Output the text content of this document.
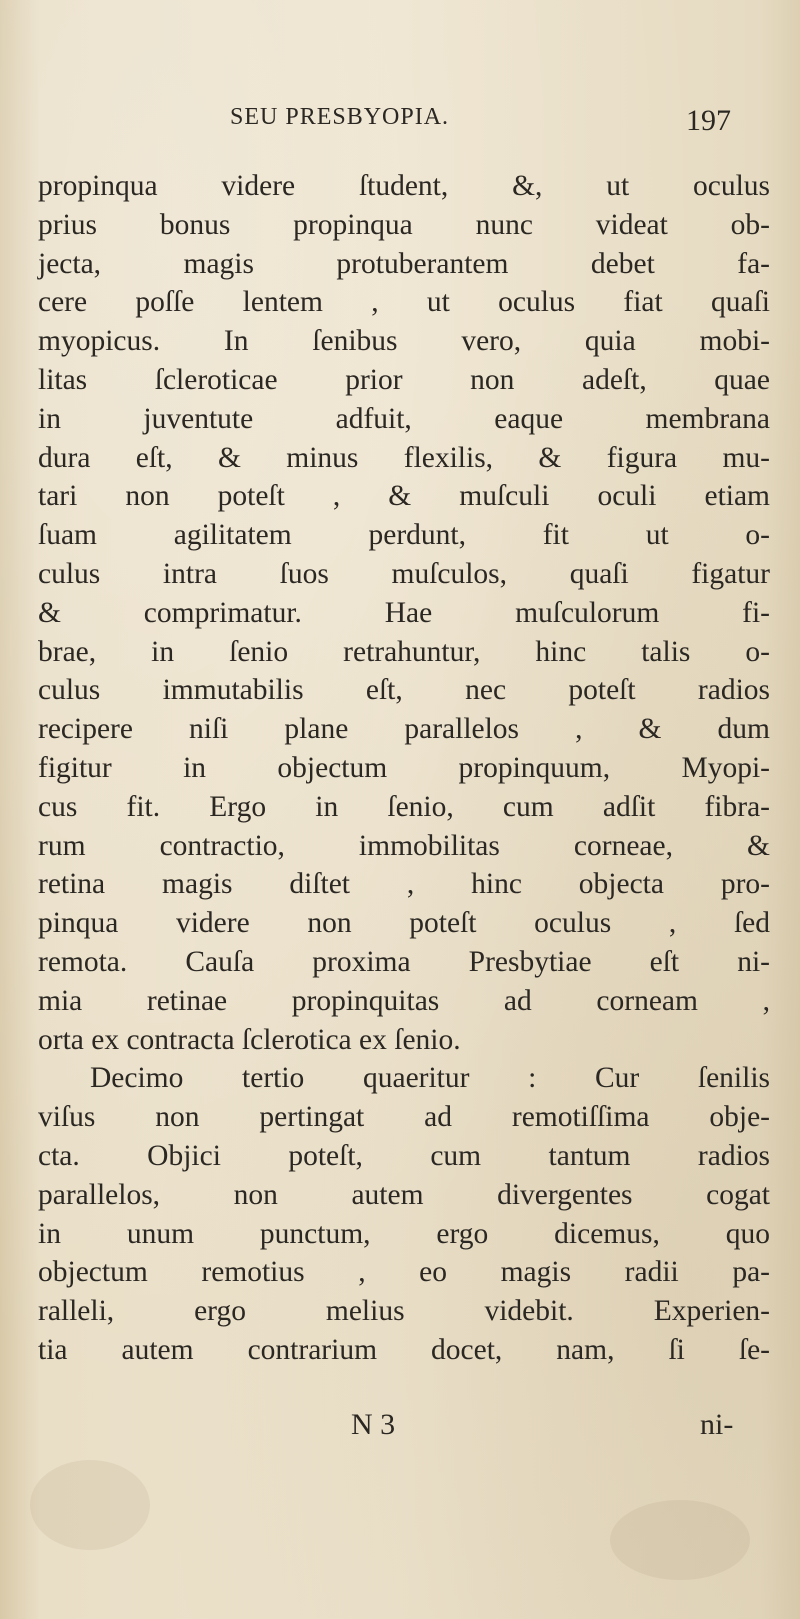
SEU PRESBYOPIA.	197
propinqua videre ſtudent, &, ut oculus
prius bonus propinqua nunc videat ob-
jecta, magis protuberantem debet fa-
cere poſſe lentem , ut oculus fiat quaſi
myopicus. In ſenibus vero, quia mobi-
litas ſcleroticae prior non adeſt, quae
in juventute adfuit, eaque membrana
dura eſt, & minus flexilis, & figura mu-
tari non poteſt , & muſculi oculi etiam
ſuam agilitatem perdunt, fit ut o-
culus intra ſuos muſculos, quaſi figatur
& comprimatur. Hae muſculorum fi-
brae, in ſenio retrahuntur, hinc talis o-
culus immutabilis eſt, nec poteſt radios
recipere niſi plane parallelos , & dum
figitur in objectum propinquum, Myopi-
cus fit. Ergo in ſenio, cum adſit fibra-
rum contractio, immobilitas corneae, &
retina magis diſtet , hinc objecta pro-
pinqua videre non poteſt oculus , ſed
remota. Cauſa proxima Presbytiae eſt ni-
mia retinae propinquitas ad corneam ,
orta ex contracta ſclerotica ex ſenio.
Decimo tertio quaeritur : Cur ſenilis
viſus non pertingat ad remotiſſima obje-
cta. Objici poteſt, cum tantum radios
parallelos, non autem divergentes cogat
in unum punctum, ergo dicemus, quo
objectum remotius , eo magis radii pa-
ralleli, ergo melius videbit. Experien-
tia autem contrarium docet, nam, ſi ſe-
N 3	ni-
